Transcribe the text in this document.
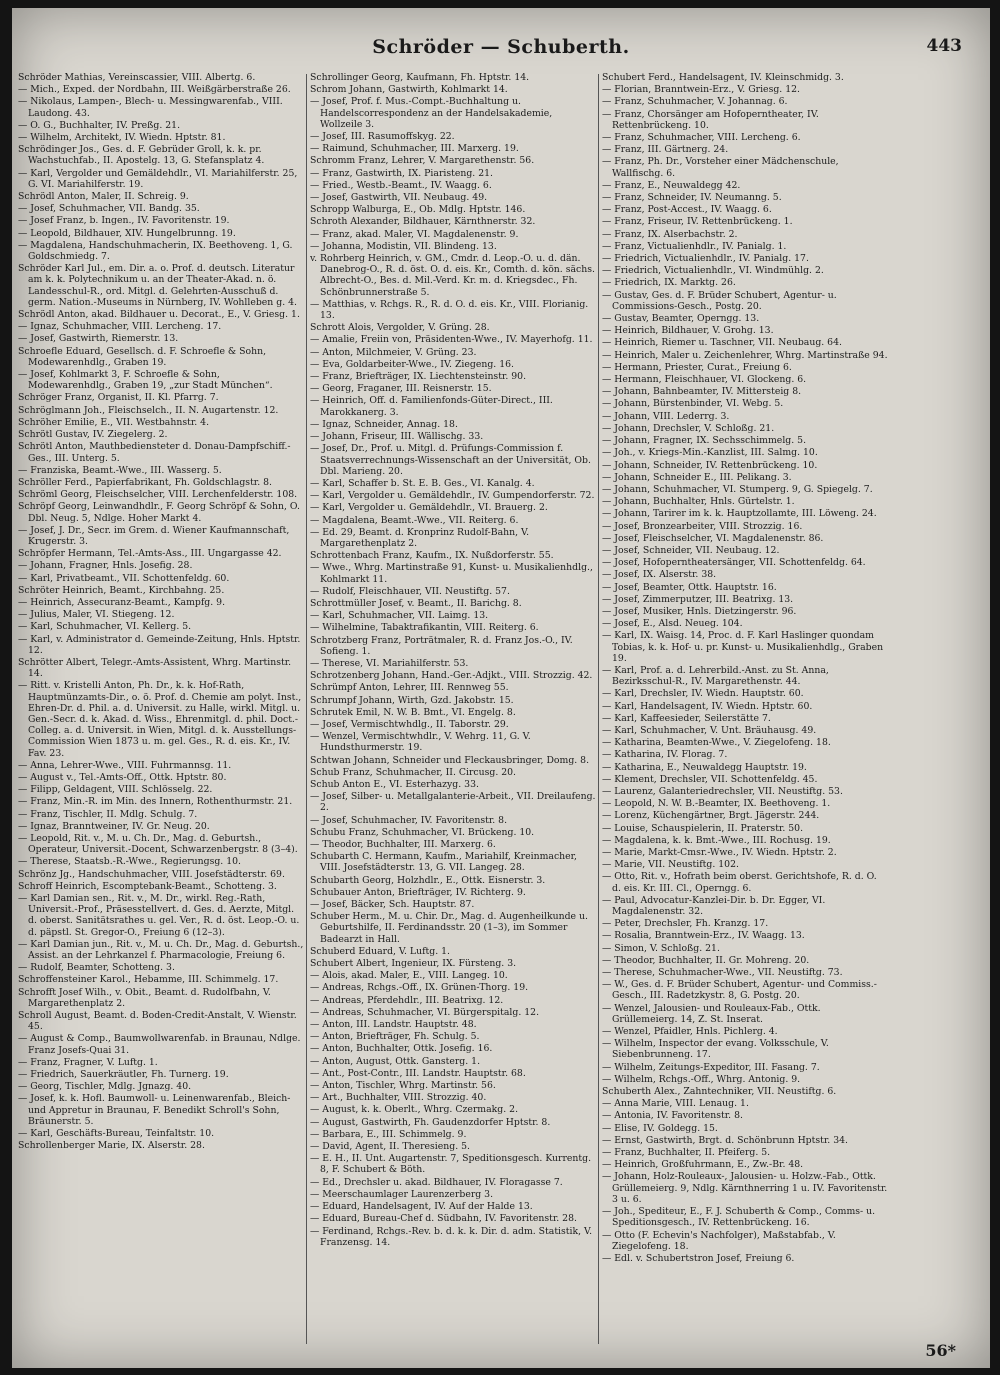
Schröder — Schuberth.	443
Schröder Mathias, Vereinscassier, VIII. Albertg. 6.
— Mich., Exped. der Nordbahn, III. Weißgärberstraße 26.
— Nikolaus, Lampen-, Blech- u. Messingwarenfab., VIII. Laudong. 43.
— O. G., Buchhalter, IV. Preßg. 21.
— Wilhelm, Architekt, IV. Wiedn. Hptstr. 81.
Schrödinger Jos., Ges. d. F. Gebrüder Groll, k. k. pr. Wachstuchfab., II. Apostelg. 13, G. Stefansplatz 4.
— Karl, Vergolder und Gemäldehdlr., VI. Mariahilferstr. 25, G. VI. Mariahilferstr. 19.
Schrödl Anton, Maler, II. Schreig. 9.
— Josef, Schuhmacher, VII. Bandg. 35.
— Josef Franz, b. Ingen., IV. Favoritenstr. 19.
— Leopold, Bildhauer, XIV. Hungelbrunng. 19.
— Magdalena, Handschuhmacherin, IX. Beethoveng. 1, G. Goldschmiedg. 7.
Schröder Karl Jul., em. Dir. a. o. Prof. d. deutsch. Literatur am k. k. Polytechnikum u. an der Theater-Akad. n. ö. Landesschul-R., ord. Mitgl. d. Gelehrten-Ausschuß d. germ. Nation.-Museums in Nürnberg, IV. Wohlleben g. 4.
Schrödl Anton, akad. Bildhauer u. Decorat., E., V. Griesg. 1.
— Ignaz, Schuhmacher, VIII. Lercheng. 17.
— Josef, Gastwirth, Riemerstr. 13.
Schroefle Eduard, Gesellsch. d. F. Schroefle & Sohn, Modewarenhdlg., Graben 19.
— Josef, Kohlmarkt 3, F. Schroefle & Sohn, Modewarenhdlg., Graben 19, „zur Stadt München“.
Schröger Franz, Organist, II. Kl. Pfarrg. 7.
Schröglmann Joh., Fleischselch., II. N. Augartenstr. 12.
Schröher Emilie, E., VII. Westbahnstr. 4.
Schrötl Gustav, IV. Ziegelerg. 2.
Schrötl Anton, Mauthbediensteter d. Donau-Dampfschiff.-Ges., III. Unterg. 5.
— Franziska, Beamt.-Wwe., III. Wasserg. 5.
Schröller Ferd., Papierfabrikant, Fh. Goldschlagstr. 8.
Schröml Georg, Fleischselcher, VIII. Lerchenfelderstr. 108.
Schröpf Georg, Leinwandhdlr., F. Georg Schröpf & Sohn, O. Dbl. Neug. 5, Ndlge. Hoher Markt 4.
— Josef, J. Dr., Secr. im Grem. d. Wiener Kaufmannschaft, Krugerstr. 3.
Schröpfer Hermann, Tel.-Amts-Ass., III. Ungargasse 42.
— Johann, Fragner, Hnls. Josefig. 28.
— Karl, Privatbeamt., VII. Schottenfeldg. 60.
Schröter Heinrich, Beamt., Kirchbahng. 25.
— Heinrich, Assecuranz-Beamt., Kampfg. 9.
— Julius, Maler, VI. Stiegeng. 12.
— Karl, Schuhmacher, VI. Kellerg. 5.
— Karl, v. Administrator d. Gemeinde-Zeitung, Hnls. Hptstr. 12.
Schrötter Albert, Telegr.-Amts-Assistent, Whrg. Martinstr. 14.
— Ritt. v. Kristelli Anton, Ph. Dr., k. k. Hof-Rath, Hauptmünzamts-Dir., o. ö. Prof. d. Chemie am polyt. Inst., Ehren-Dr. d. Phil. a. d. Universit. zu Halle, wirkl. Mitgl. u. Gen.-Secr. d. k. Akad. d. Wiss., Ehrenmitgl. d. phil. Doct.-Colleg. a. d. Universit. in Wien, Mitgl. d. k. Ausstellungs-Commission Wien 1873 u. m. gel. Ges., R. d. eis. Kr., IV. Fav. 23.
— Anna, Lehrer-Wwe., VIII. Fuhrmannsg. 11.
— August v., Tel.-Amts-Off., Ottk. Hptstr. 80.
— Filipp, Geldagent, VIII. Schlösselg. 22.
— Franz, Min.-R. im Min. des Innern, Rothenthurmstr. 21.
— Franz, Tischler, II. Mdlg. Schulg. 7.
— Ignaz, Branntweiner, IV. Gr. Neug. 20.
— Leopold, Rit. v., M. u. Ch. Dr., Mag. d. Geburtsh., Operateur, Universit.-Docent, Schwarzenbergstr. 8 (3–4).
— Therese, Staatsb.-R.-Wwe., Regierungsg. 10.
Schrönz Jg., Handschuhmacher, VIII. Josefstädterstr. 69.
Schroff Heinrich, Escomptebank-Beamt., Schotteng. 3.
— Karl Damian sen., Rit. v., M. Dr., wirkl. Reg.-Rath, Universit.-Prof., Präsesstellvert. d. Ges. d. Aerzte, Mitgl. d. oberst. Sanitätsrathes u. gel. Ver., R. d. öst. Leop.-O. u. d. päpstl. St. Gregor-O., Freiung 6 (12–3).
— Karl Damian jun., Rit. v., M. u. Ch. Dr., Mag. d. Geburtsh., Assist. an der Lehrkanzel f. Pharmacologie, Freiung 6.
— Rudolf, Beamter, Schotteng. 3.
Schroffensteiner Karol., Hebamme, III. Schimmelg. 17.
Schrofft Josef Wilh., v. Obit., Beamt. d. Rudolfbahn, V. Margarethenplatz 2.
Schroll August, Beamt. d. Boden-Credit-Anstalt, V. Wienstr. 45.
— August & Comp., Baumwollwarenfab. in Braunau, Ndlge. Franz Josefs-Quai 31.
— Franz, Fragner, V. Luftg. 1.
— Friedrich, Sauerkräutler, Fh. Turnerg. 19.
— Georg, Tischler, Mdlg. Jgnazg. 40.
— Josef, k. k. Hofl. Baumwoll- u. Leinenwarenfab., Bleich- und Appretur in Braunau, F. Benedikt Schroll's Sohn, Bräunerstr. 5.
— Karl, Geschäfts-Bureau, Teinfaltstr. 10.
Schrollenberger Marie, IX. Alserstr. 28.
Schrollinger Georg, Kaufmann, Fh. Hptstr. 14.
Schrom Johann, Gastwirth, Kohlmarkt 14.
— Josef, Prof. f. Mus.-Compt.-Buchhaltung u. Handelscorrespondenz an der Handelsakademie, Wollzeile 3.
— Josef, III. Rasumoffskyg. 22.
— Raimund, Schuhmacher, III. Marxerg. 19.
Schromm Franz, Lehrer, V. Margarethenstr. 56.
— Franz, Gastwirth, IX. Piaristeng. 21.
— Fried., Westb.-Beamt., IV. Waagg. 6.
— Josef, Gastwirth, VII. Neubaug. 49.
Schropp Walburga, E., Ob. Mdlg. Hptstr. 146.
Schroth Alexander, Bildhauer, Kärnthnerstr. 32.
— Franz, akad. Maler, VI. Magdalenenstr. 9.
— Johanna, Modistin, VII. Blindeng. 13.
v. Rohrberg Heinrich, v. GM., Cmdr. d. Leop.-O. u. d. dän. Danebrog-O., R. d. öst. O. d. eis. Kr., Comth. d. kön. sächs. Albrecht-O., Bes. d. Mil.-Verd. Kr. m. d. Kriegsdec., Fh. Schönbrunnerstraße 5.
— Matthias, v. Rchgs. R., R. d. O. d. eis. Kr., VIII. Florianig. 13.
Schrott Alois, Vergolder, V. Grüng. 28.
— Amalie, Freiin von, Präsidenten-Wwe., IV. Mayerhofg. 11.
— Anton, Milchmeier, V. Grüng. 23.
— Eva, Goldarbeiter-Wwe., IV. Ziegeng. 16.
— Franz, Briefträger, IX. Liechtensteinstr. 90.
— Georg, Fraganer, III. Reisnerstr. 15.
— Heinrich, Off. d. Familienfonds-Güter-Direct., III. Marokkanerg. 3.
— Ignaz, Schneider, Annag. 18.
— Johann, Friseur, III. Wällischg. 33.
— Josef, Dr., Prof. u. Mitgl. d. Prüfungs-Commission f. Staatsverrechnungs-Wissenschaft an der Universität, Ob. Dbl. Marieng. 20.
— Karl, Schaffer b. St. E. B. Ges., VI. Kanalg. 4.
— Karl, Vergolder u. Gemäldehdlr., IV. Gumpendorferstr. 72.
— Karl, Vergolder u. Gemäldehdlr., VI. Brauerg. 2.
— Magdalena, Beamt.-Wwe., VII. Reiterg. 6.
— Ed. 29, Beamt. d. Kronprinz Rudolf-Bahn, V. Margarethenplatz 2.
Schrottenbach Franz, Kaufm., IX. Nußdorferstr. 55.
— Wwe., Whrg. Martinstraße 91, Kunst- u. Musikalienhdlg., Kohlmarkt 11.
— Rudolf, Fleischhauer, VII. Neustiftg. 57.
Schrottmüller Josef, v. Beamt., II. Barichg. 8.
— Karl, Schuhmacher, VII. Laimg. 13.
— Wilhelmine, Tabaktrafikantin, VIII. Reiterg. 6.
Schrotzberg Franz, Porträtmaler, R. d. Franz Jos.-O., IV. Sofieng. 1.
— Therese, VI. Mariahilferstr. 53.
Schrotzenberg Johann, Hand.-Ger.-Adjkt., VIII. Strozzig. 42.
Schrümpf Anton, Lehrer, III. Rennweg 55.
Schrumpf Johann, Wirth, Gzd. Jakobstr. 15.
Schrutek Emil, N. W. B. Bmt., VI. Engelg. 8.
— Josef, Vermischtwhdlg., II. Taborstr. 29.
— Wenzel, Vermischtwhdlr., V. Wehrg. 11, G. V. Hundsthurmerstr. 19.
Schtwan Johann, Schneider und Fleckausbringer, Domg. 8.
Schub Franz, Schuhmacher, II. Circusg. 20.
Schub Anton E., VI. Esterhazyg. 33.
— Josef, Silber- u. Metallgalanterie-Arbeit., VII. Dreilaufeng. 2.
— Josef, Schuhmacher, IV. Favoritenstr. 8.
Schubu Franz, Schuhmacher, VI. Brückeng. 10.
— Theodor, Buchhalter, III. Marxerg. 6.
Schubarth C. Hermann, Kaufm., Mariahilf, Kreinmacher, VIII. Josefstädterstr. 13, G. VII. Langeg. 28.
Schubarth Georg, Holzhdlr., E., Ottk. Eisnerstr. 3.
Schubauer Anton, Briefträger, IV. Richterg. 9.
— Josef, Bäcker, Sch. Hauptstr. 87.
Schuber Herm., M. u. Chir. Dr., Mag. d. Augenheilkunde u. Geburtshilfe, II. Ferdinandsstr. 20 (1–3), im Sommer Badearzt in Hall.
Schuberd Eduard, V. Luftg. 1.
Schubert Albert, Ingenieur, IX. Fürsteng. 3.
— Alois, akad. Maler, E., VIII. Langeg. 10.
— Andreas, Rchgs.-Off., IX. Grünen-Thorg. 19.
— Andreas, Pferdehdlr., III. Beatrixg. 12.
— Andreas, Schuhmacher, VI. Bürgerspitalg. 12.
— Anton, III. Landstr. Hauptstr. 48.
— Anton, Briefträger, Fh. Schulg. 5.
— Anton, Buchhalter, Ottk. Josefig. 16.
— Anton, August, Ottk. Gansterg. 1.
— Ant., Post-Contr., III. Landstr. Hauptstr. 68.
— Anton, Tischler, Whrg. Martinstr. 56.
— Art., Buchhalter, VIII. Strozzig. 40.
— August, k. k. Oberlt., Whrg. Czermakg. 2.
— August, Gastwirth, Fh. Gaudenzdorfer Hptstr. 8.
— Barbara, E., III. Schimmelg. 9.
— David, Agent, II. Theresieng. 5.
— E. H., II. Unt. Augartenstr. 7, Speditionsgesch. Kurrentg. 8, F. Schubert & Böth.
— Ed., Drechsler u. akad. Bildhauer, IV. Floragasse 7.
— Meerschaumlager Laurenzerberg 3.
— Eduard, Handelsagent, IV. Auf der Halde 13.
— Eduard, Bureau-Chef d. Südbahn, IV. Favoritenstr. 28.
— Ferdinand, Rchgs.-Rev. b. d. k. k. Dir. d. adm. Statistik, V. Franzensg. 14.
Schubert Ferd., Handelsagent, IV. Kleinschmidg. 3.
— Florian, Branntwein-Erz., V. Griesg. 12.
— Franz, Schuhmacher, V. Johannag. 6.
— Franz, Chorsänger am Hofoperntheater, IV. Rettenbrückeng. 10.
— Franz, Schuhmacher, VIII. Lercheng. 6.
— Franz, III. Gärtnerg. 24.
— Franz, Ph. Dr., Vorsteher einer Mädchenschule, Wallfischg. 6.
— Franz, E., Neuwaldegg 42.
— Franz, Schneider, IV. Neumanng. 5.
— Franz, Post-Accest., IV. Waagg. 6.
— Franz, Friseur, IV. Rettenbrückeng. 1.
— Franz, IX. Alserbachstr. 2.
— Franz, Victualienhdlr., IV. Panialg. 1.
— Friedrich, Victualienhdlr., IV. Panialg. 17.
— Friedrich, Victualienhdlr., VI. Windmühlg. 2.
— Friedrich, IX. Marktg. 26.
— Gustav, Ges. d. F. Brüder Schubert, Agentur- u. Commissions-Gesch., Postg. 20.
— Gustav, Beamter, Operngg. 13.
— Heinrich, Bildhauer, V. Grohg. 13.
— Heinrich, Riemer u. Taschner, VII. Neubaug. 64.
— Heinrich, Maler u. Zeichenlehrer, Whrg. Martinstraße 94.
— Hermann, Priester, Curat., Freiung 6.
— Hermann, Fleischhauer, VI. Glockeng. 6.
— Johann, Bahnbeamter, IV. Mittersteig 8.
— Johann, Bürstenbinder, VI. Webg. 5.
— Johann, VIII. Lederrg. 3.
— Johann, Drechsler, V. Schloßg. 21.
— Johann, Fragner, IX. Sechsschimmelg. 5.
— Joh., v. Kriegs-Min.-Kanzlist, III. Salmg. 10.
— Johann, Schneider, IV. Rettenbrückeng. 10.
— Johann, Schneider E., III. Pelikang. 3.
— Johann, Schuhmacher, VI. Stumperg. 9, G. Spiegelg. 7.
— Johann, Buchhalter, Hnls. Gürtelstr. 1.
— Johann, Tarirer im k. k. Hauptzollamte, III. Löweng. 24.
— Josef, Bronzearbeiter, VIII. Strozzig. 16.
— Josef, Fleischselcher, VI. Magdalenenstr. 86.
— Josef, Schneider, VII. Neubaug. 12.
— Josef, Hofoperntheatersänger, VII. Schottenfeldg. 64.
— Josef, IX. Alserstr. 38.
— Josef, Beamter, Ottk. Hauptstr. 16.
— Josef, Zimmerputzer, III. Beatrixg. 13.
— Josef, Musiker, Hnls. Dietzingerstr. 96.
— Josef, E., Alsd. Neueg. 104.
— Karl, IX. Waisg. 14, Proc. d. F. Karl Haslinger quondam Tobias, k. k. Hof- u. pr. Kunst- u. Musikalienhdlg., Graben 19.
— Karl, Prof. a. d. Lehrerbild.-Anst. zu St. Anna, Bezirksschul-R., IV. Margarethenstr. 44.
— Karl, Drechsler, IV. Wiedn. Hauptstr. 60.
— Karl, Handelsagent, IV. Wiedn. Hptstr. 60.
— Karl, Kaffeesieder, Seilerstätte 7.
— Karl, Schuhmacher, V. Unt. Bräuhausg. 49.
— Katharina, Beamten-Wwe., V. Ziegelofeng. 18.
— Katharina, IV. Florag. 7.
— Katharina, E., Neuwaldegg Hauptstr. 19.
— Klement, Drechsler, VII. Schottenfeldg. 45.
— Laurenz, Galanteriedrechsler, VII. Neustiftg. 53.
— Leopold, N. W. B.-Beamter, IX. Beethoveng. 1.
— Lorenz, Küchengärtner, Brgt. Jägerstr. 244.
— Louise, Schauspielerin, II. Praterstr. 50.
— Magdalena, k. k. Bmt.-Wwe., III. Rochusg. 19.
— Marie, Markt-Cmsr.-Wwe., IV. Wiedn. Hptstr. 2.
— Marie, VII. Neustiftg. 102.
— Otto, Rit. v., Hofrath beim oberst. Gerichtshofe, R. d. O. d. eis. Kr. III. Cl., Operngg. 6.
— Paul, Advocatur-Kanzlei-Dir. b. Dr. Egger, VI. Magdalenenstr. 32.
— Peter, Drechsler, Fh. Kranzg. 17.
— Rosalia, Branntwein-Erz., IV. Waagg. 13.
— Simon, V. Schloßg. 21.
— Theodor, Buchhalter, II. Gr. Mohreng. 20.
— Therese, Schuhmacher-Wwe., VII. Neustiftg. 73.
— W., Ges. d. F. Brüder Schubert, Agentur- und Commiss.-Gesch., III. Radetzkystr. 8, G. Postg. 20.
— Wenzel, Jalousien- und Rouleaux-Fab., Ottk. Grüllemeierg. 14, Z. St. Inserat.
— Wenzel, Pfaidler, Hnls. Pichlerg. 4.
— Wilhelm, Inspector der evang. Volksschule, V. Siebenbrunneng. 17.
— Wilhelm, Zeitungs-Expeditor, III. Fasang. 7.
— Wilhelm, Rchgs.-Off., Whrg. Antonig. 9.
Schuberth Alex., Zahntechniker, VII. Neustiftg. 6.
— Anna Marie, VIII. Lenaug. 1.
— Antonia, IV. Favoritenstr. 8.
— Elise, IV. Goldegg. 15.
— Ernst, Gastwirth, Brgt. d. Schönbrunn Hptstr. 34.
— Franz, Buchhalter, II. Pfeiferg. 5.
— Heinrich, Großfuhrmann, E., Zw.-Br. 48.
— Johann, Holz-Rouleaux-, Jalousien- u. Holzw.-Fab., Ottk. Grüllemeierg. 9, Ndlg. Kärnthnerring 1 u. IV. Favoritenstr. 3 u. 6.
— Joh., Spediteur, E., F. J. Schuberth & Comp., Comms- u. Speditionsgesch., IV. Rettenbrückeng. 16.
— Otto (F. Echevin's Nachfolger), Maßstabfab., V. Ziegelofeng. 18.
— Edl. v. Schubertstron Josef, Freiung 6.
56*
